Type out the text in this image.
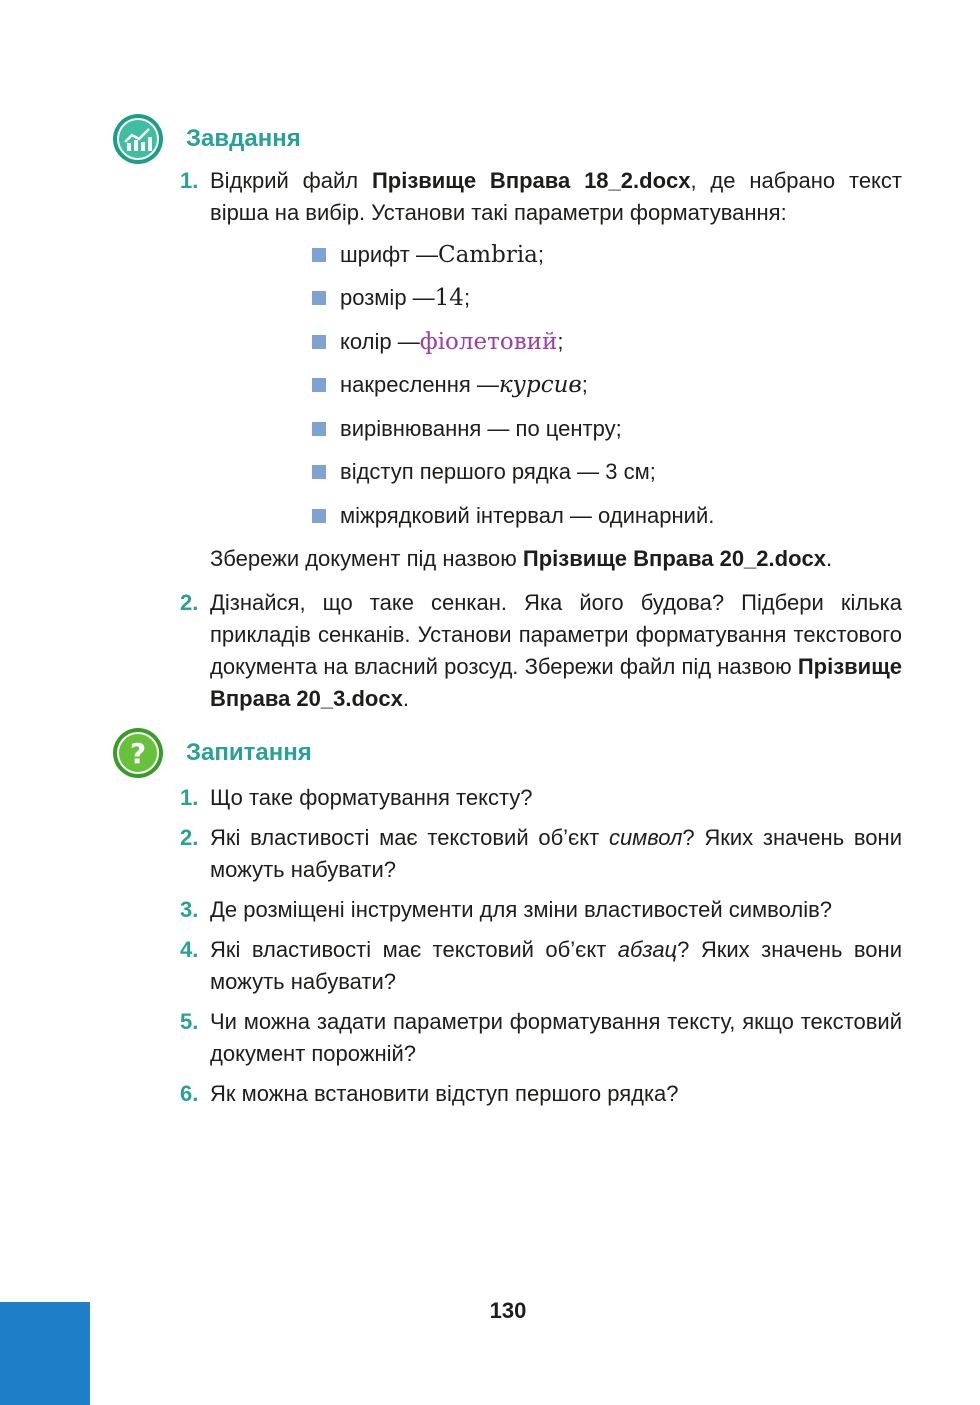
Завдання
1. Відкрий файл Прізвище Вправа 18_2.docx, де набрано текст вірша на вибір. Установи такі параметри форматування:
шрифт — Cambria ;
розмір — 14 ;
колір — фіолетовий ;
накреслення — курсив ;
вирівнювання — по центру;
відступ першого рядка — 3 см;
міжрядковий інтервал — одинарний.
Збережи документ під назвою Прізвище Вправа 20_2.docx.
2. Дізнайся, що таке сенкан. Яка його будова? Підбери кілька прикладів сенканів. Установи параметри форматування текстового документа на власний розсуд. Збережи файл під назвою Прізвище Вправа 20_3.docx.
? Запитання
1. Що таке форматування тексту?
2. Які властивості має текстовий об’єкт символ? Яких значень вони можуть набувати?
3. Де розміщені інструменти для зміни властивостей символів?
4. Які властивості має текстовий об’єкт абзац? Яких значень вони можуть набувати?
5. Чи можна задати параметри форматування тексту, якщо текстовий документ порожній?
6. Як можна встановити відступ першого рядка?
130
